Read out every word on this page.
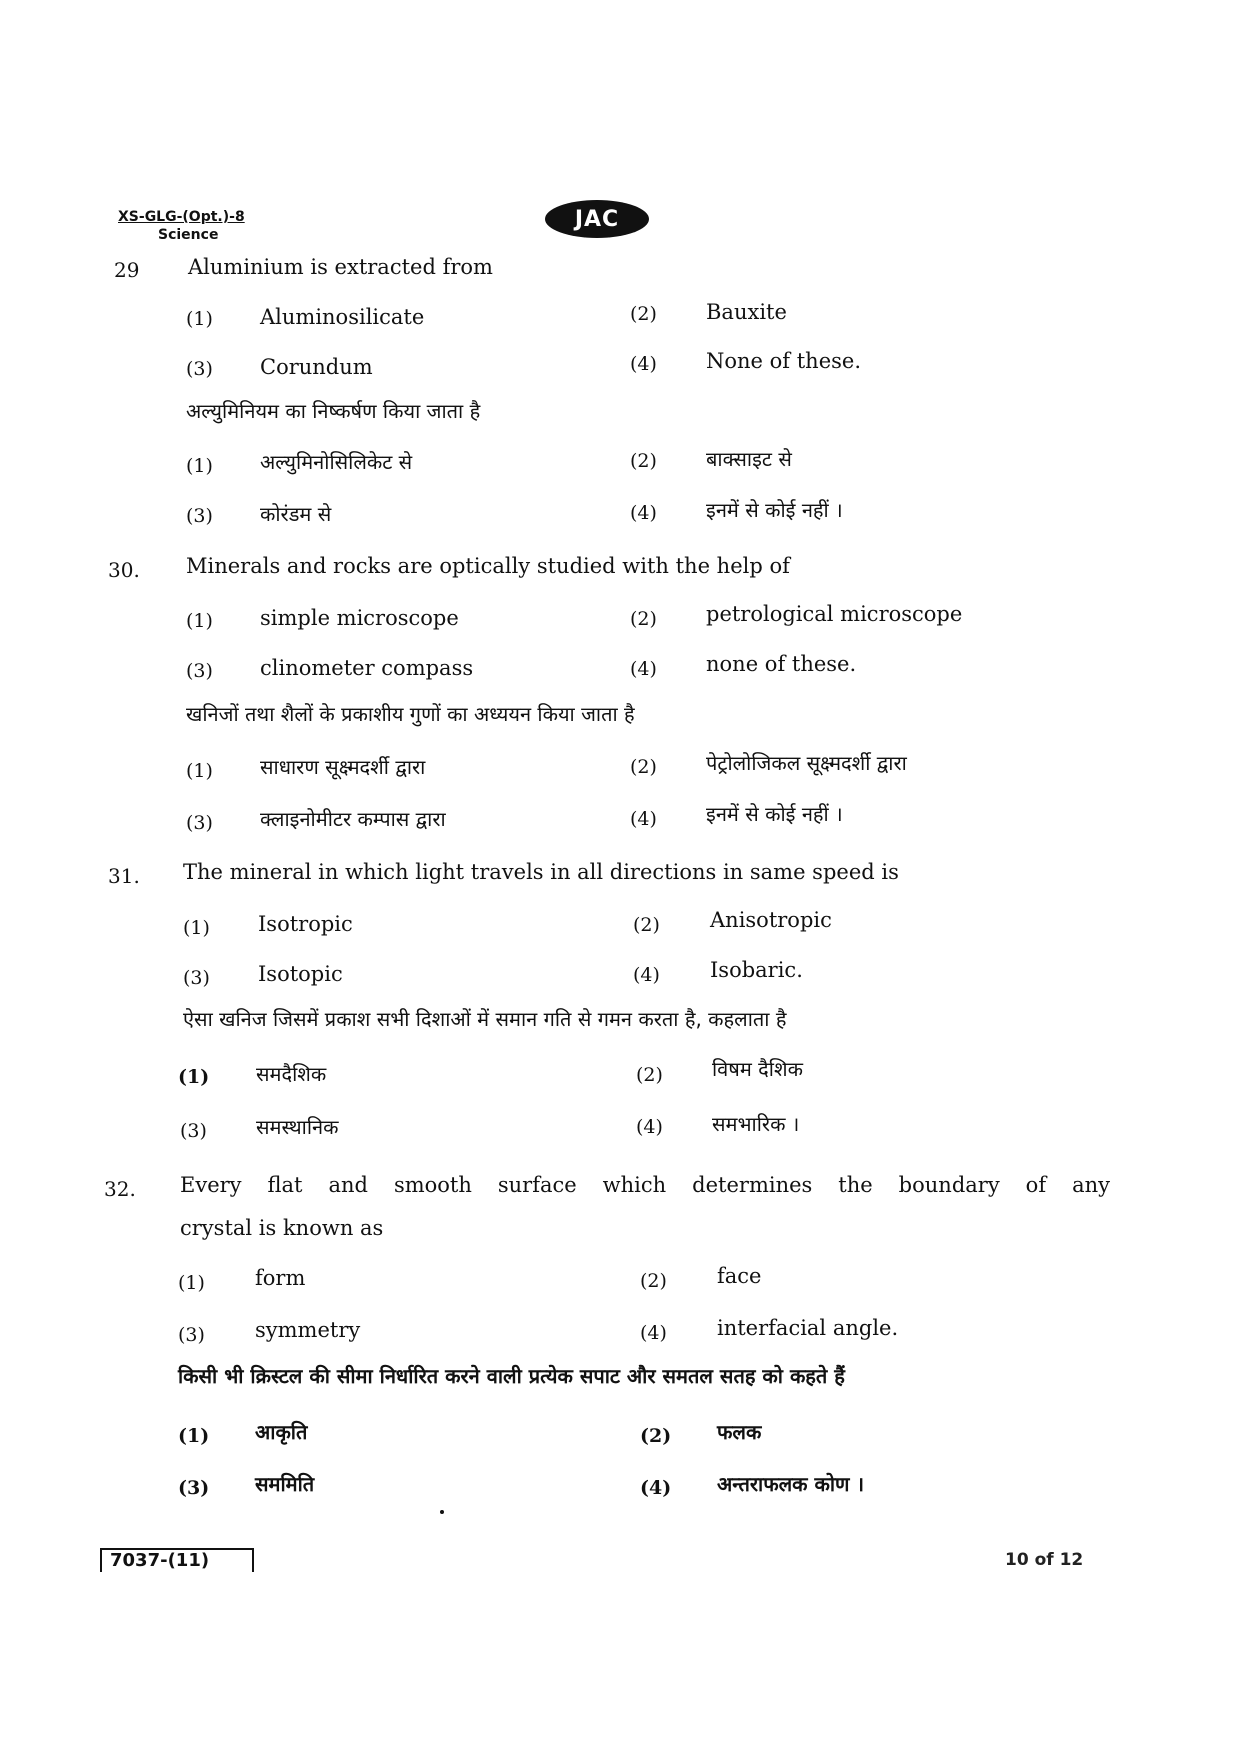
XS-GLG-(Opt.)-8
Science
JAC
29 Aluminium is extracted from
(1) Aluminosilicate	(2) Bauxite
(3) Corundum	(4) None of these.
अल्युमिनियम का निष्कर्षण किया जाता है
(1) अल्युमिनोसिलिकेट से	(2) बाक्साइट से
(3) कोरंडम से	(4) इनमें से कोई नहीं ।
30. Minerals and rocks are optically studied with the help of
(1) simple microscope	(2) petrological microscope
(3) clinometer compass	(4) none of these.
खनिजों तथा शैलों के प्रकाशीय गुणों का अध्ययन किया जाता है
(1) साधारण सूक्ष्मदर्शी द्वारा	(2) पेट्रोलोजिकल सूक्ष्मदर्शी द्वारा
(3) क्लाइनोमीटर कम्पास द्वारा	(4) इनमें से कोई नहीं ।
31. The mineral in which light travels in all directions in same speed is
(1) Isotropic	(2) Anisotropic
(3) Isotopic	(4) Isobaric.
ऐसा खनिज जिसमें प्रकाश सभी दिशाओं में समान गति से गमन करता है, कहलाता है
(1) समदैशिक	(2) विषम दैशिक
(3) समस्थानिक	(4) समभारिक ।
32. Every flat and smooth surface which determines the boundary of any
crystal is known as
(1) form	(2) face
(3) symmetry	(4) interfacial angle.
किसी भी क्रिस्टल की सीमा निर्धारित करने वाली प्रत्येक सपाट और समतल सतह को कहते हैं
(1) आकृति	(2) फलक
(3) सममिति	(4) अन्तराफलक कोण ।
7037-(11)	10 of 12
